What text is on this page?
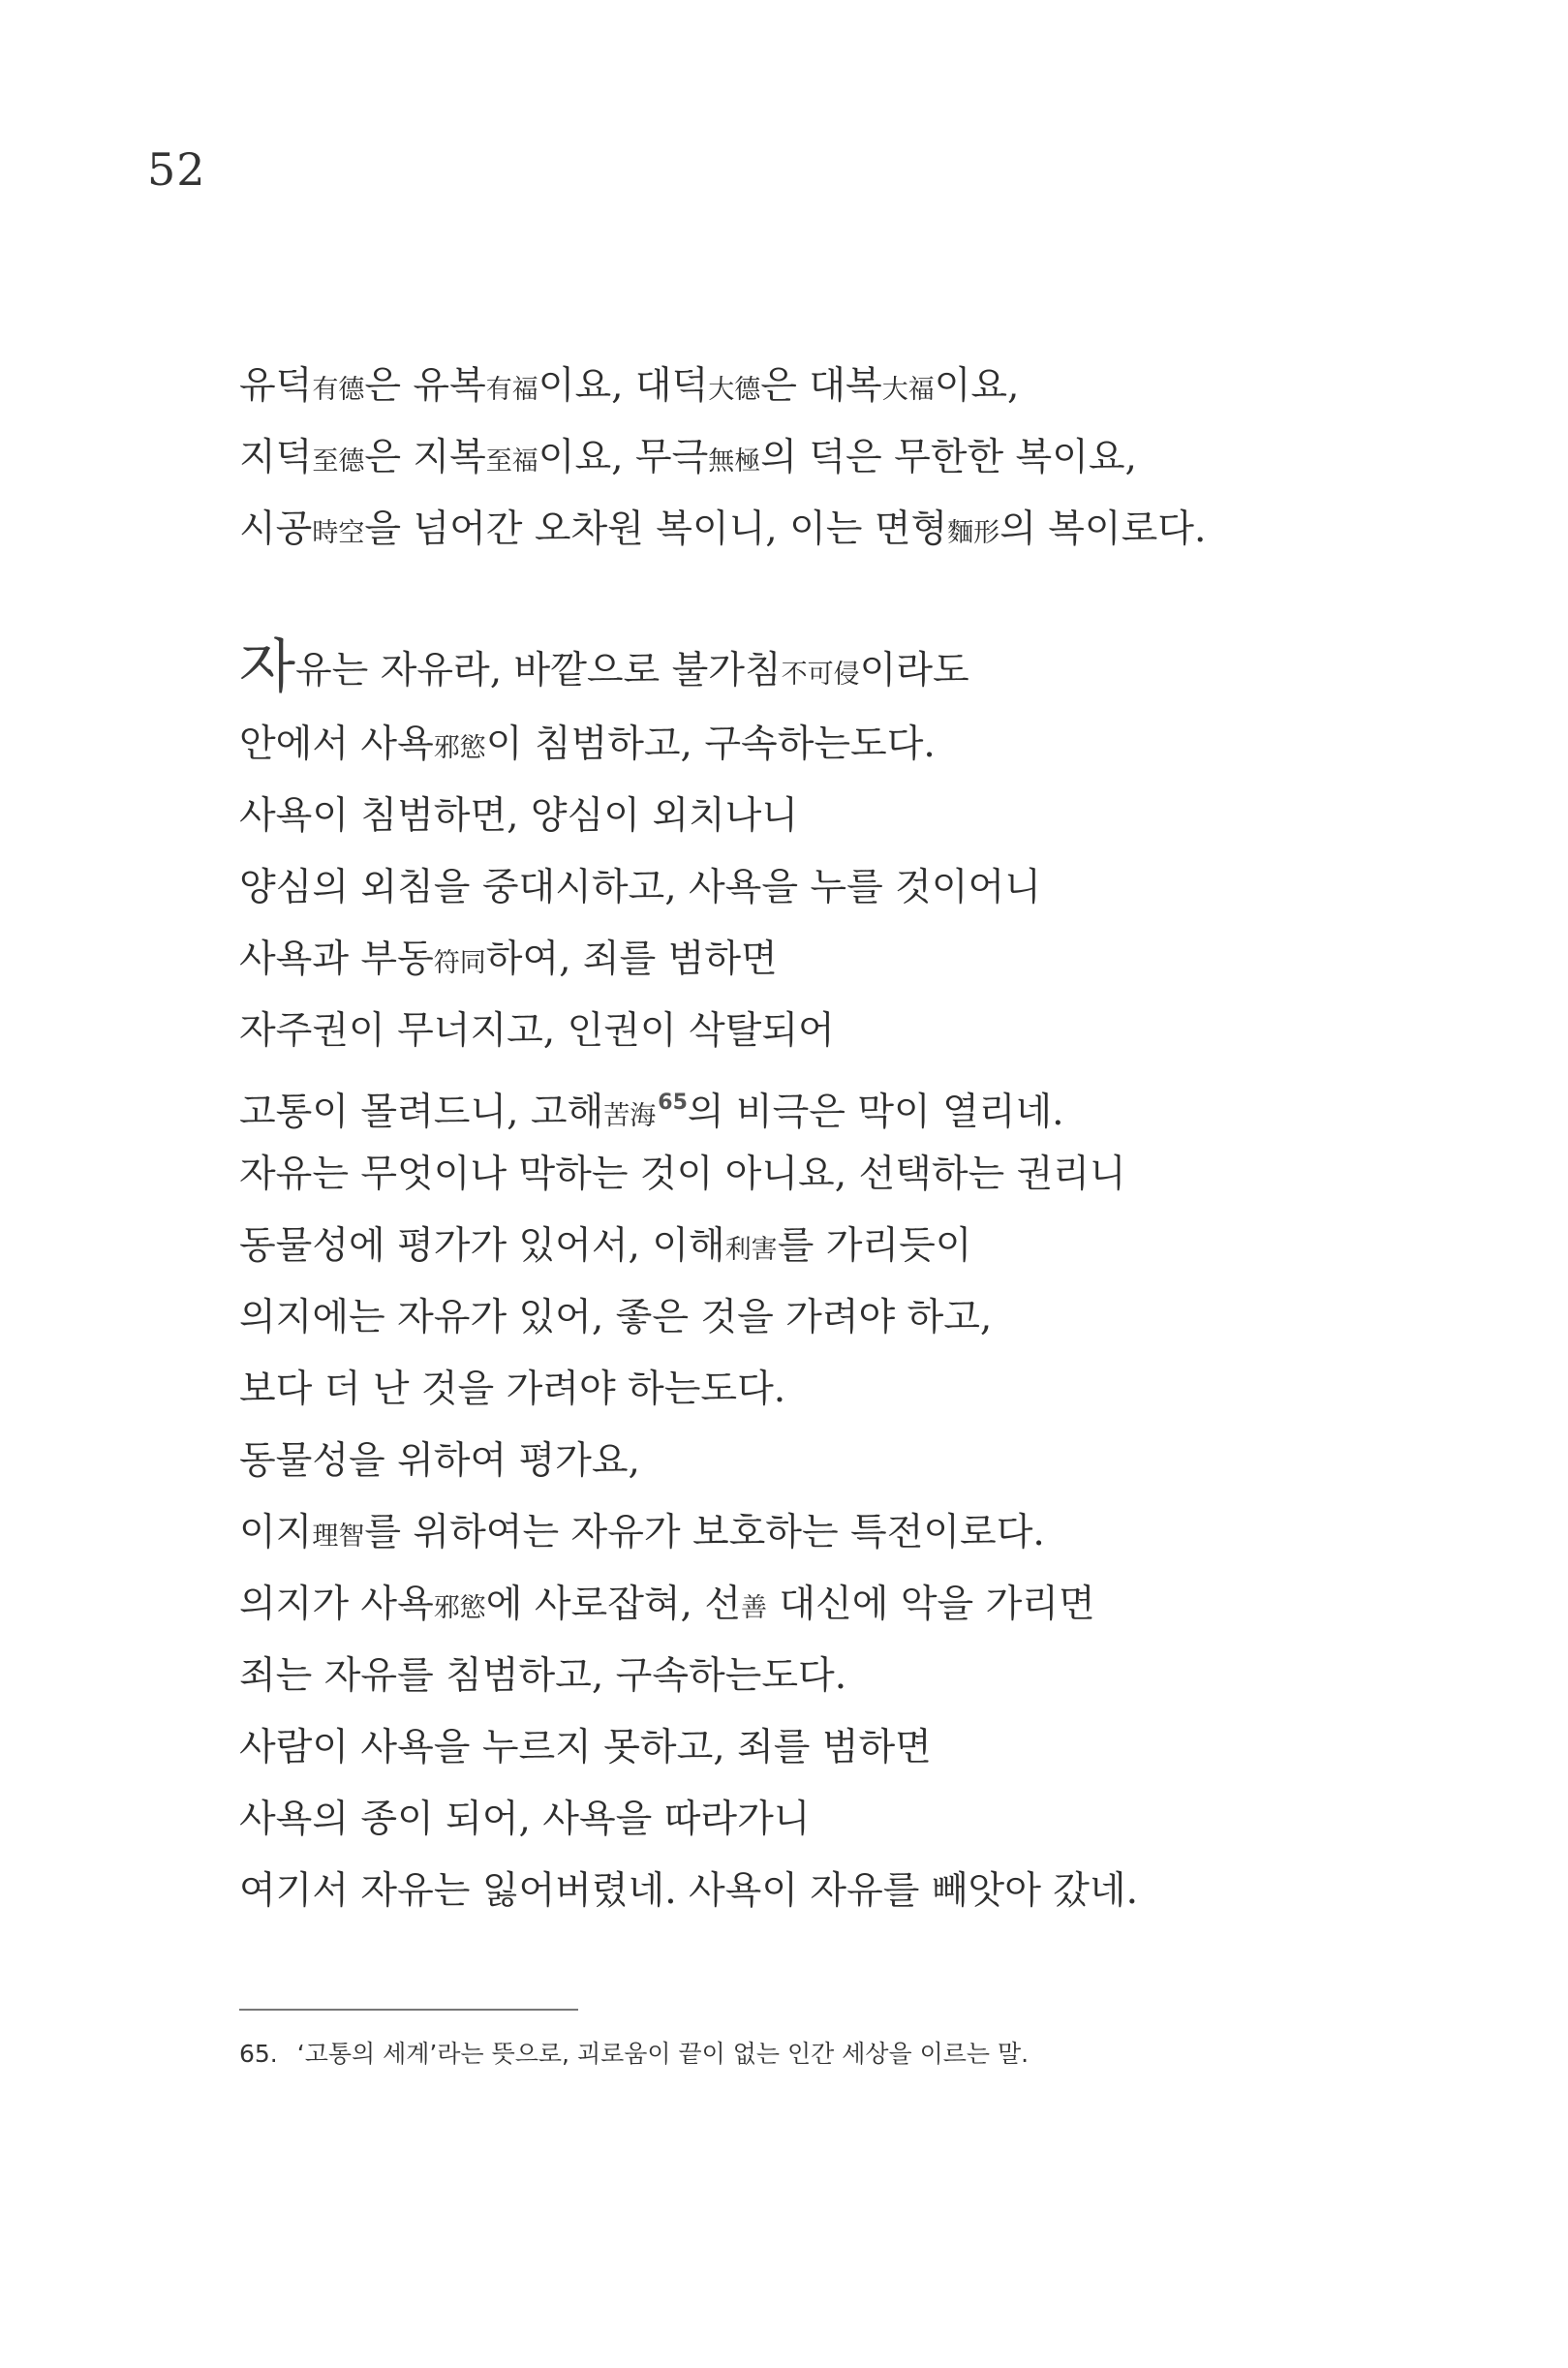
52
유덕有德은 유복有福이요, 대덕大德은 대복大福이요,
지덕至德은 지복至福이요, 무극無極의 덕은 무한한 복이요,
시공時空을 넘어간 오차원 복이니, 이는 면형麵形의 복이로다.
자유는 자유라, 바깥으로 불가침不可侵이라도
안에서 사욕邪慾이 침범하고, 구속하는도다.
사욕이 침범하면, 양심이 외치나니
양심의 외침을 중대시하고, 사욕을 누를 것이어니
사욕과 부동符同하여, 죄를 범하면
자주권이 무너지고, 인권이 삭탈되어
고통이 몰려드니, 고해苦海$^{65}$의 비극은 막이 열리네.
자유는 무엇이나 막하는 것이 아니요, 선택하는 권리니
동물성에 평가가 있어서, 이해利害를 가리듯이
의지에는 자유가 있어, 좋은 것을 가려야 하고,
보다 더 난 것을 가려야 하는도다.
동물성을 위하여 평가요,
이지理智를 위하여는 자유가 보호하는 특전이로다.
의지가 사욕邪慾에 사로잡혀, 선善 대신에 악을 가리면
죄는 자유를 침범하고, 구속하는도다.
사람이 사욕을 누르지 못하고, 죄를 범하면
사욕의 종이 되어, 사욕을 따라가니
여기서 자유는 잃어버렸네. 사욕이 자유를 빼앗아 갔네.
65. ‘고통의 세계’라는 뜻으로, 괴로움이 끝이 없는 인간 세상을 이르는 말.
